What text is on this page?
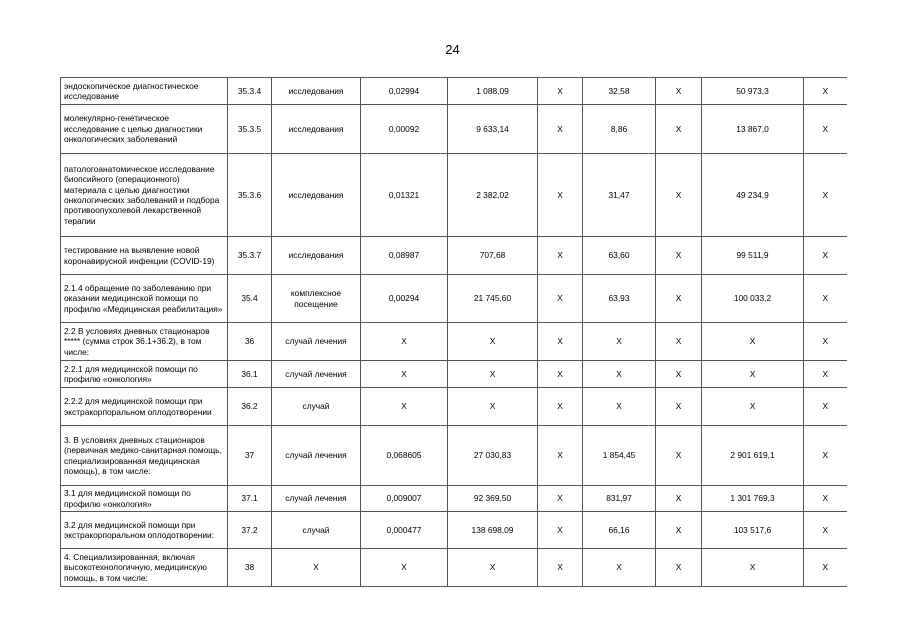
24
эндоскопическое диагностическое исследование	35.3.4	исследования	0,02994	1 088,09	Х	32,58	Х	50 973,3	Х
молекулярно-генетическое исследование с целью диагностики онкологических заболеваний	35.3.5	исследования	0,00092	9 633,14	Х	8,86	Х	13 867,0	Х
патологоанатомическое исследование биопсийного (операционного) материала с целью диагностики онкологических заболеваний и подбора противоопухолевой лекарственной терапии	35.3.6	исследования	0,01321	2 382,02	Х	31,47	Х	49 234,9	Х
тестирование на выявление новой коронавирусной инфекции (COVID-19)	35.3.7	исследования	0,08987	707,68	Х	63,60	Х	99 511,9	Х
2.1.4 обращение по заболеванию при оказании медицинской помощи по профилю «Медицинская реабилитация»	35.4	комплексное посещение	0,00294	21 745,60	Х	63,93	Х	100 033,2	Х
2.2 В условиях дневных стационаров ***** (сумма строк 36.1+36.2), в том числе:	36	случай лечения	Х	Х	Х	Х	Х	Х	Х
2.2.1 для медицинской помощи по профилю «онкология»	36.1	случай лечения	Х	Х	Х	Х	Х	Х	Х
2.2.2 для медицинской помощи при экстракорпоральном оплодотворении	36.2	случай	Х	Х	Х	Х	Х	Х	Х
3. В условиях дневных стационаров (первичная медико-санитарная помощь, специализированная медицинская помощь), в том числе:	37	случай лечения	0,068605	27 030,83	Х	1 854,45	Х	2 901 619,1	Х
3.1 для медицинской помощи по профилю «онкология»	37.1	случай лечения	0,009007	92 369,50	Х	831,97	Х	1 301 769,3	Х
3.2 для медицинской помощи при экстракорпоральном оплодотворении:	37.2	случай	0,000477	138 698,09	Х	66,16	Х	103 517,6	Х
4. Специализированная, включая высокотехнологичную, медицинскую помощь, в том числе:	38	Х	Х	Х	Х	Х	Х	Х	Х
